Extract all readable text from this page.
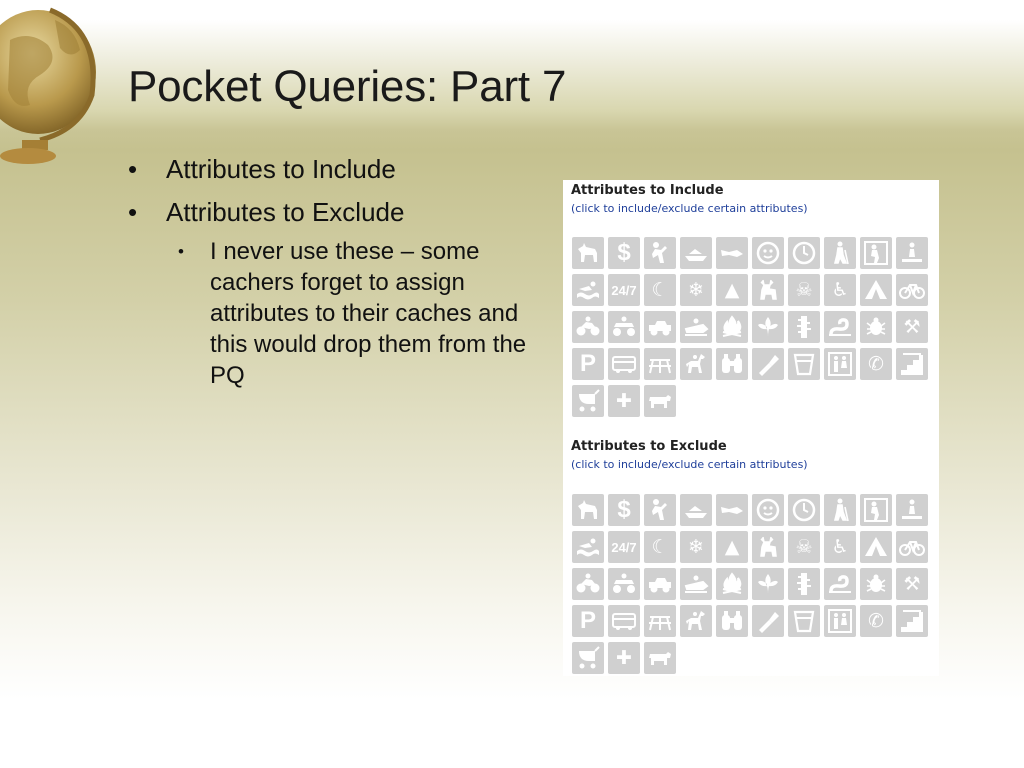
Pocket Queries: Part 7
• Attributes to Include
• Attributes to Exclude
• I never use these – some cachers forget to assign attributes to their caches and this would drop them from the PQ
Attributes to Include
(click to include/exclude certain attributes)
$
24/7 ☾ ❄ ▲	☠ ♿
⚒
P	✆
✚
Attributes to Exclude
(click to include/exclude certain attributes)
$
24/7 ☾ ❄ ▲	☠ ♿
⚒
P	✆
✚
